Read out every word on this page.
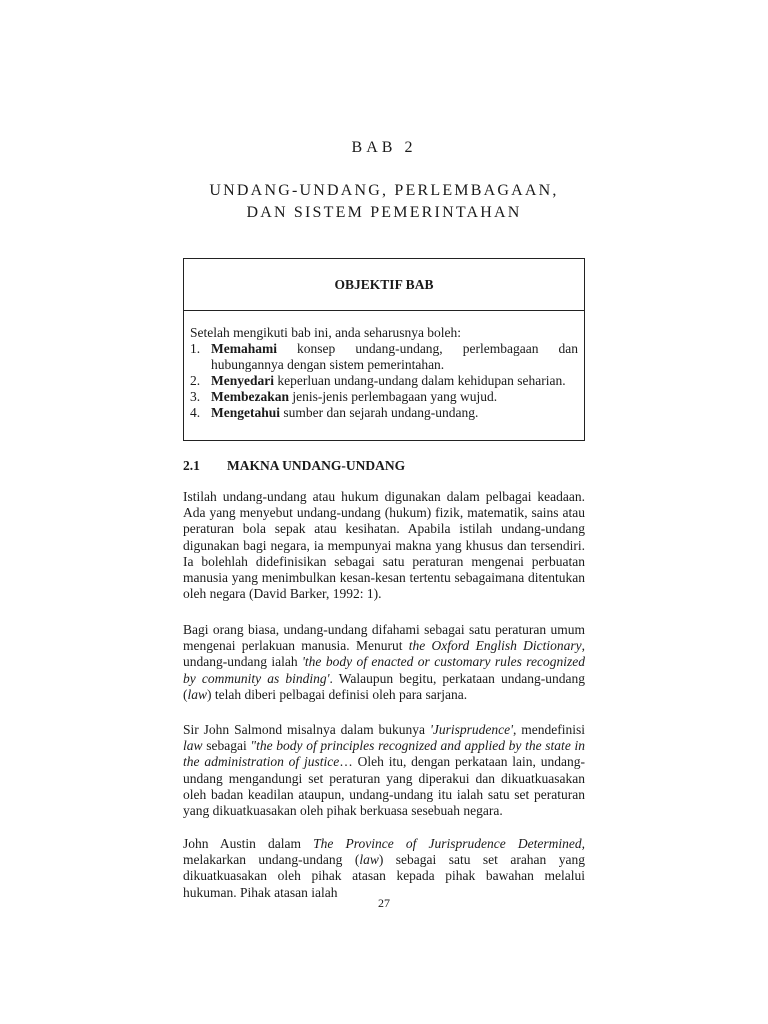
BAB 2
UNDANG-UNDANG, PERLEMBAGAAN,
DAN SISTEM PEMERINTAHAN
OBJEKTIF BAB
Setelah mengikuti bab ini, anda seharusnya boleh:
1. Memahami konsep undang-undang, perlembagaan dan hubungannya dengan sistem pemerintahan.
2. Menyedari keperluan undang-undang dalam kehidupan seharian.
3. Membezakan jenis-jenis perlembagaan yang wujud.
4. Mengetahui sumber dan sejarah undang-undang.
2.1 MAKNA UNDANG-UNDANG
Istilah undang-undang atau hukum digunakan dalam pelbagai keadaan. Ada yang menyebut undang-undang (hukum) fizik, matematik, sains atau peraturan bola sepak atau kesihatan. Apabila istilah undang-undang digunakan bagi negara, ia mempunyai makna yang khusus dan tersendiri. Ia bolehlah didefinisikan sebagai satu peraturan mengenai perbuatan manusia yang menimbulkan kesan-kesan tertentu sebagaimana ditentukan oleh negara (David Barker, 1992: 1).
Bagi orang biasa, undang-undang difahami sebagai satu peraturan umum mengenai perlakuan manusia. Menurut the Oxford English Dictionary, undang-undang ialah 'the body of enacted or customary rules recognized by community as binding'. Walaupun begitu, perkataan undang-undang (law) telah diberi pelbagai definisi oleh para sarjana.
Sir John Salmond misalnya dalam bukunya 'Jurisprudence', mendefinisi law sebagai "the body of principles recognized and applied by the state in the administration of justice… Oleh itu, dengan perkataan lain, undang-undang mengandungi set peraturan yang diperakui dan dikuatkuasakan oleh badan keadilan ataupun, undang-undang itu ialah satu set peraturan yang dikuatkuasakan oleh pihak berkuasa sesebuah negara.
John Austin dalam The Province of Jurisprudence Determined, melakarkan undang-undang (law) sebagai satu set arahan yang dikuatkuasakan oleh pihak atasan kepada pihak bawahan melalui hukuman. Pihak atasan ialah
27
